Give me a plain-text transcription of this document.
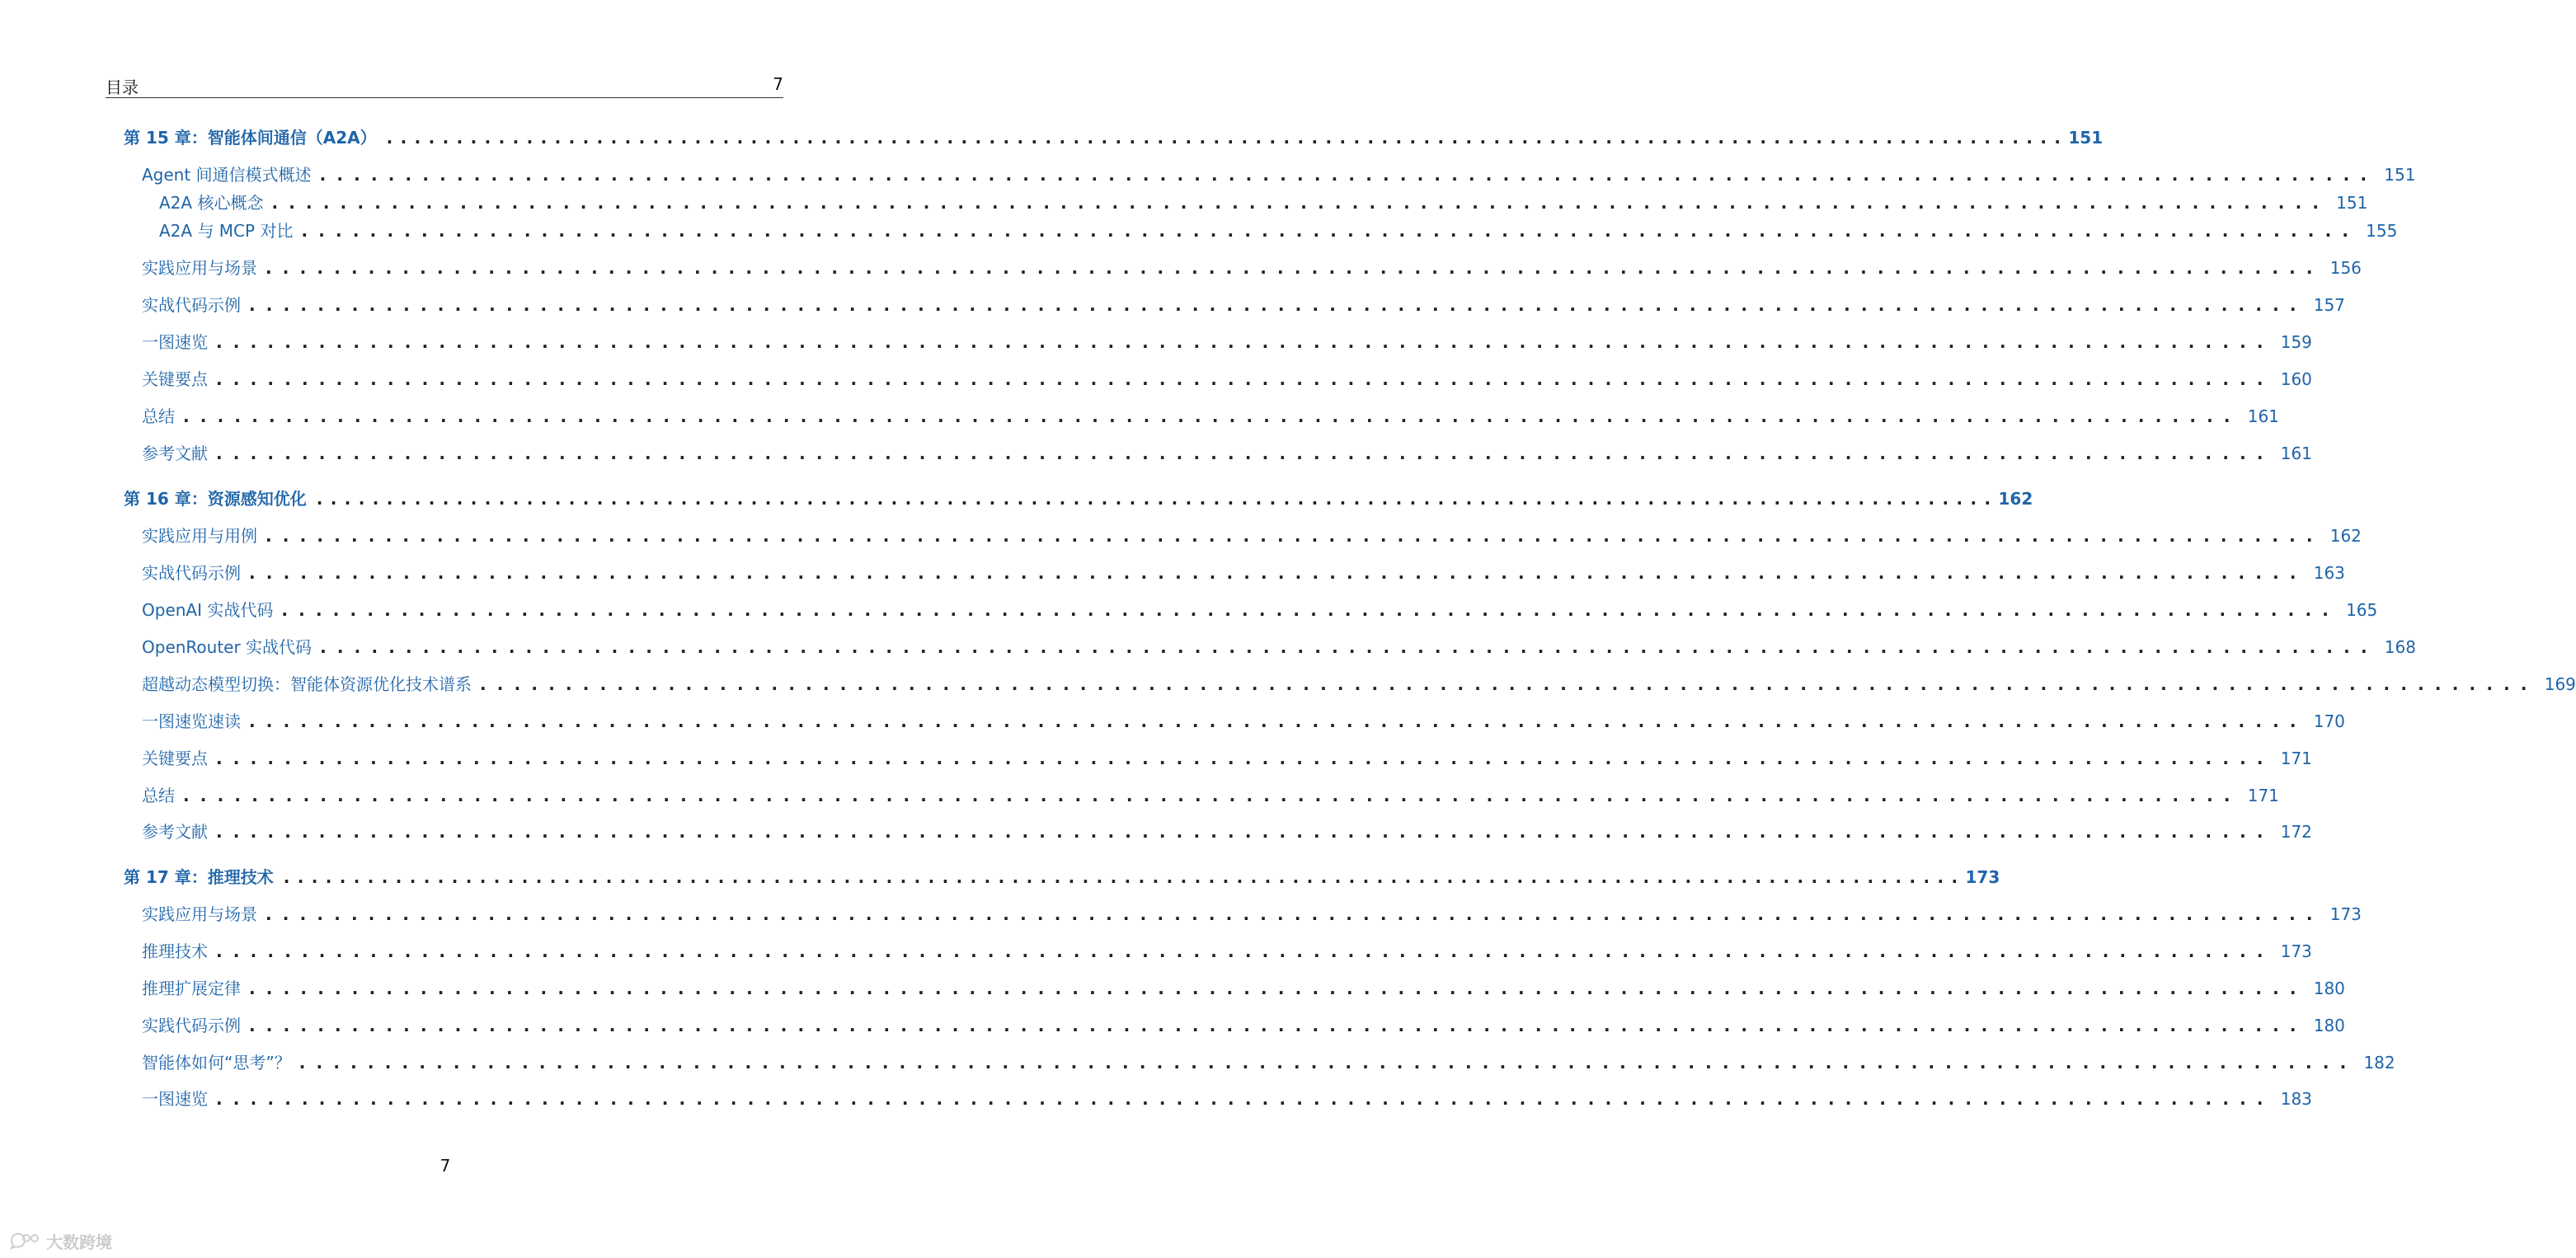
目录	7
第 15 章：智能体间通信（A2A） ........................................................................................................................ 151
Agent 间通信模式概述 ........................................................................................................................ 151
A2A 核心概念 ........................................................................................................................ 151
A2A 与 MCP 对比 ........................................................................................................................ 155
实践应用与场景 ........................................................................................................................ 156
实战代码示例 ........................................................................................................................ 157
一图速览 ........................................................................................................................ 159
关键要点 ........................................................................................................................ 160
总结 ........................................................................................................................ 161
参考文献 ........................................................................................................................ 161
第 16 章：资源感知优化 ........................................................................................................................ 162
实践应用与用例 ........................................................................................................................ 162
实战代码示例 ........................................................................................................................ 163
OpenAI 实战代码 ........................................................................................................................ 165
OpenRouter 实战代码 ........................................................................................................................ 168
超越动态模型切换：智能体资源优化技术谱系 ........................................................................................................................ 169
一图速览速读 ........................................................................................................................ 170
关键要点 ........................................................................................................................ 171
总结 ........................................................................................................................ 171
参考文献 ........................................................................................................................ 172
第 17 章：推理技术 ........................................................................................................................ 173
实践应用与场景 ........................................................................................................................ 173
推理技术 ........................................................................................................................ 173
推理扩展定律 ........................................................................................................................ 180
实践代码示例 ........................................................................................................................ 180
智能体如何“思考”？ ........................................................................................................................ 182
一图速览 ........................................................................................................................ 183
7
大数跨境
